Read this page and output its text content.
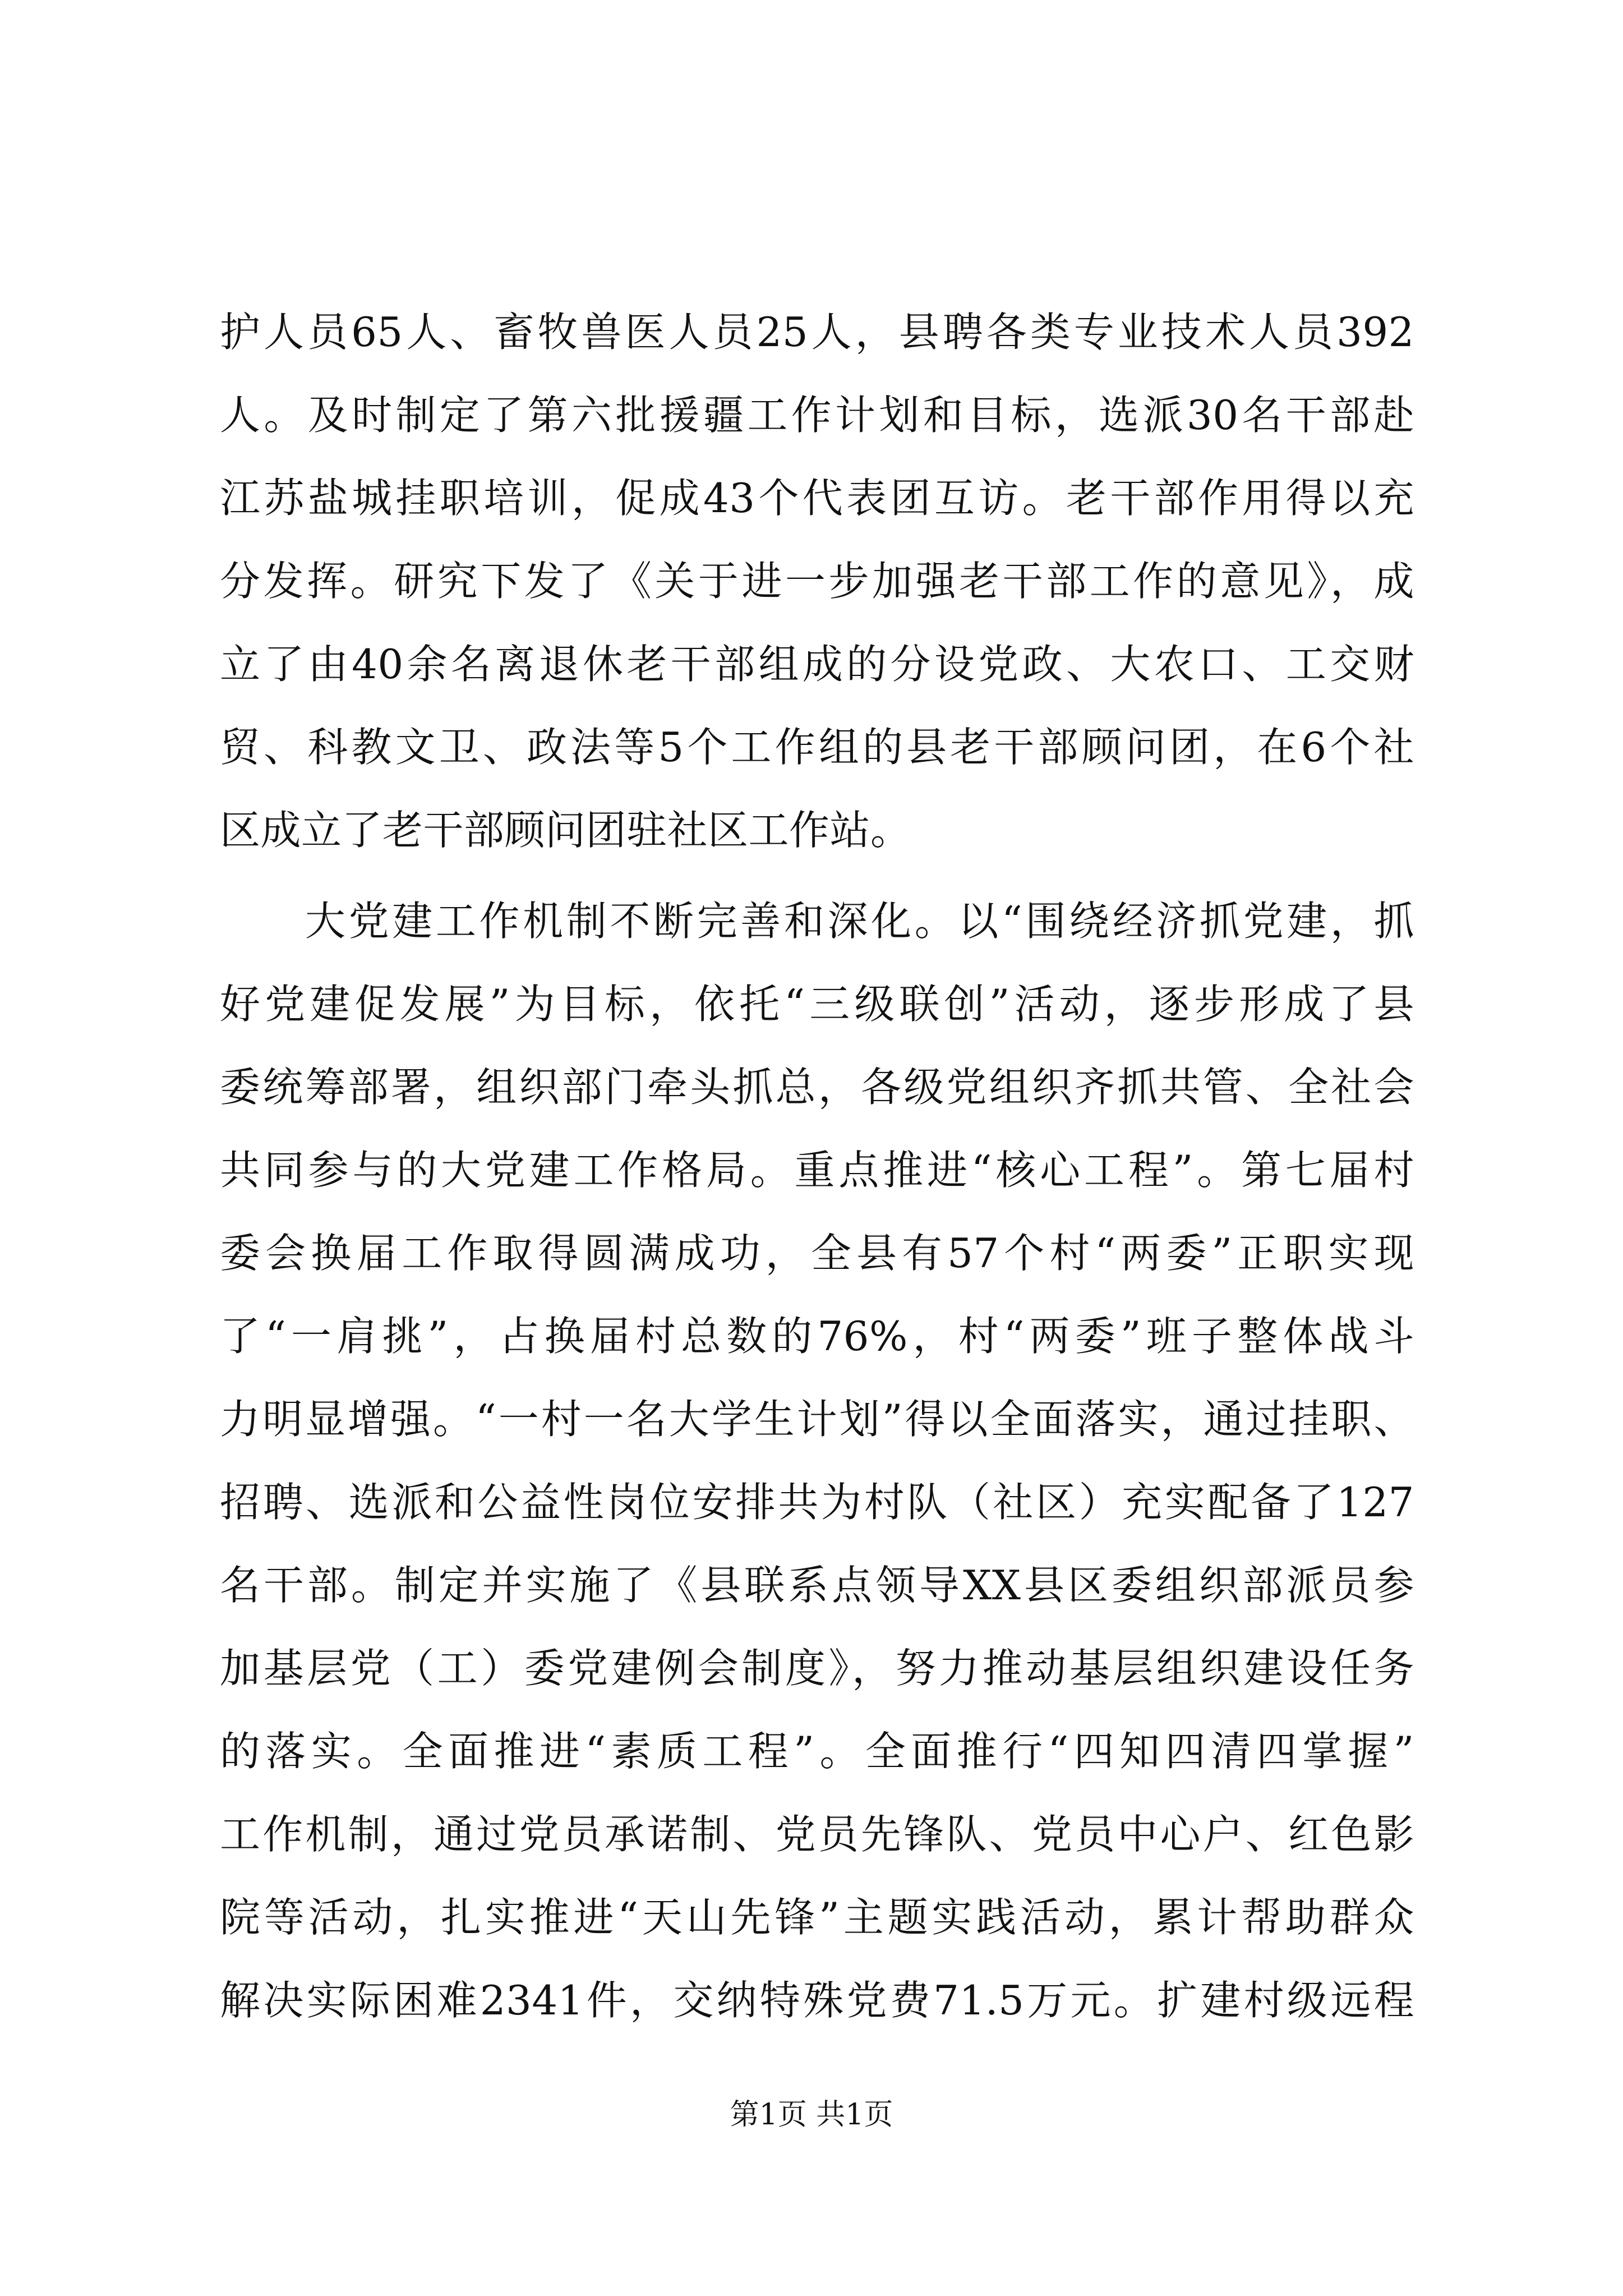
护人员65人、畜牧兽医人员25人，县聘各类专业技术人员392
人。及时制定了第六批援疆工作计划和目标，选派30名干部赴
江苏盐城挂职培训，促成43个代表团互访。老干部作用得以充
分发挥。研究下发了《关于进一步加强老干部工作的意见》，成
立了由40余名离退休老干部组成的分设党政、大农口、工交财
贸、科教文卫、政法等5个工作组的县老干部顾问团，在6个社
区成立了老干部顾问团驻社区工作站。
大党建工作机制不断完善和深化。以“围绕经济抓党建，抓
好党建促发展”为目标，依托“三级联创”活动，逐步形成了县
委统筹部署，组织部门牵头抓总，各级党组织齐抓共管、全社会
共同参与的大党建工作格局。重点推进“核心工程”。第七届村
委会换届工作取得圆满成功，全县有57个村“两委”正职实现
了“一肩挑”，占换届村总数的76%，村“两委”班子整体战斗
力明显增强。“一村一名大学生计划”得以全面落实，通过挂职、
招聘、选派和公益性岗位安排共为村队（社区）充实配备了127
名干部。制定并实施了《县联系点领导XX县区委组织部派员参
加基层党（工）委党建例会制度》，努力推动基层组织建设任务
的落实。全面推进“素质工程”。全面推行“四知四清四掌握”
工作机制，通过党员承诺制、党员先锋队、党员中心户、红色影
院等活动，扎实推进“天山先锋”主题实践活动，累计帮助群众
解决实际困难2341件，交纳特殊党费71.5万元。扩建村级远程
第1页 共1页
